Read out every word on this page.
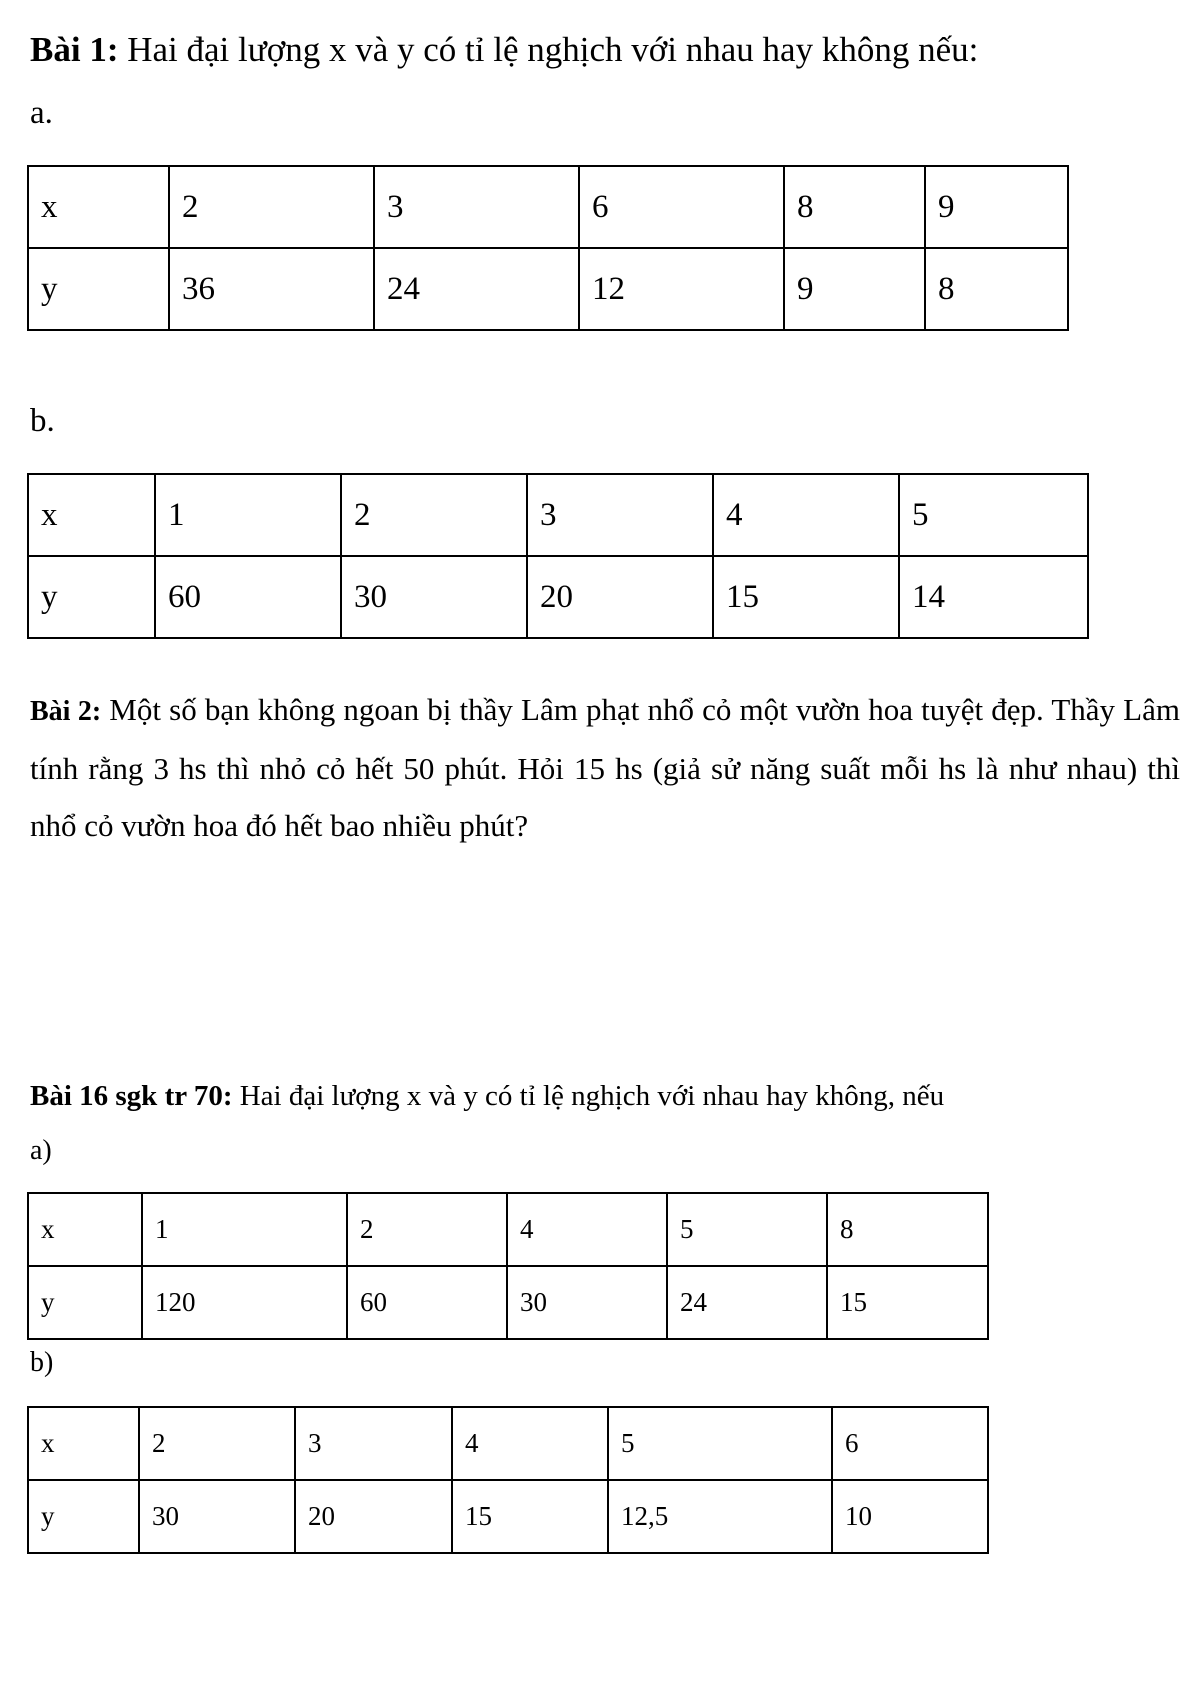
Bài 1: Hai đại lượng x và y có tỉ lệ nghịch với nhau hay không nếu:
a.
x	2	3	6	8	9
y	36	24	12	9	8
b.
x	1	2	3	4	5
y	60	30	20	15	14
Bài 2: Một số bạn không ngoan bị thầy Lâm phạt nhổ cỏ một vườn hoa tuyệt đẹp. Thầy Lâm tính rằng 3 hs thì nhỏ cỏ hết 50 phút. Hỏi 15 hs (giả sử năng suất mỗi hs là như nhau) thì nhổ cỏ vườn hoa đó hết bao nhiều phút?
Bài 16 sgk tr 70: Hai đại lượng x và y có tỉ lệ nghịch với nhau hay không, nếu
a)
x	1	2	4	5	8
y	120	60	30	24	15
b)
x	2	3	4	5	6
y	30	20	15	12,5	10
